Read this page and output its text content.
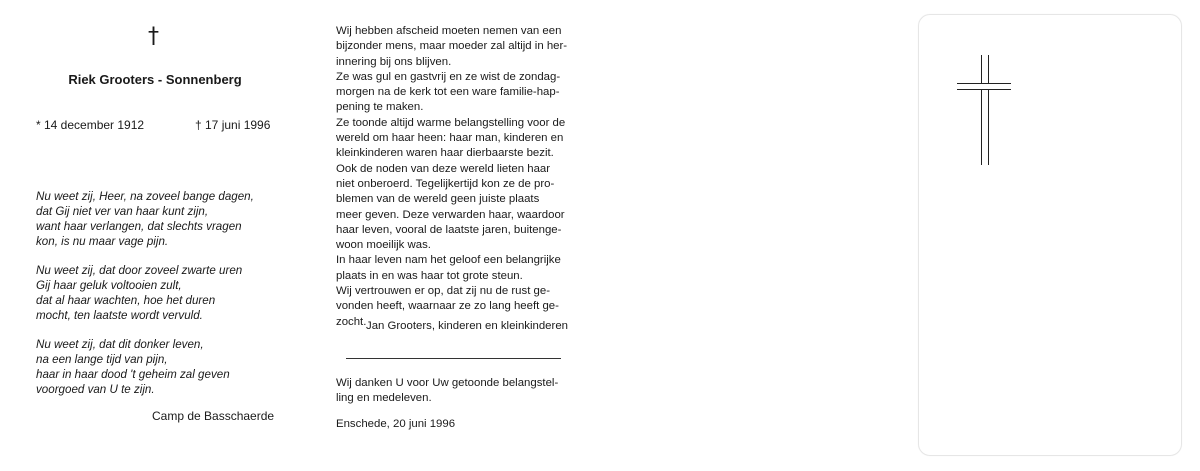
†
Riek Grooters - Sonnenberg
* 14 december 1912	† 17 juni 1996
Nu weet zij, Heer, na zoveel bange dagen,
dat Gij niet ver van haar kunt zijn,
want haar verlangen, dat slechts vragen
kon, is nu maar vage pijn.
Nu weet zij, dat door zoveel zwarte uren
Gij haar geluk voltooien zult,
dat al haar wachten, hoe het duren
mocht, ten laatste wordt vervuld.
Nu weet zij, dat dit donker leven,
na een lange tijd van pijn,
haar in haar dood 't geheim zal geven
voorgoed van U te zijn.
Camp de Basschaerde
Wij hebben afscheid moeten nemen van een
bijzonder mens, maar moeder zal altijd in her-
innering bij ons blijven.
Ze was gul en gastvrij en ze wist de zondag-
morgen na de kerk tot een ware familie-hap-
pening te maken.
Ze toonde altijd warme belangstelling voor de
wereld om haar heen: haar man, kinderen en
kleinkinderen waren haar dierbaarste bezit.
Ook de noden van deze wereld lieten haar
niet onberoerd. Tegelijkertijd kon ze de pro-
blemen van de wereld geen juiste plaats
meer geven. Deze verwarden haar, waardoor
haar leven, vooral de laatste jaren, buitenge-
woon moeilijk was.
In haar leven nam het geloof een belangrijke
plaats in en was haar tot grote steun.
Wij vertrouwen er op, dat zij nu de rust ge-
vonden heeft, waarnaar ze zo lang heeft ge-
zocht. Jan Grooters, kinderen en kleinkinderen
Wij danken U voor Uw getoonde belangstel-
ling en medeleven.
Enschede, 20 juni 1996
